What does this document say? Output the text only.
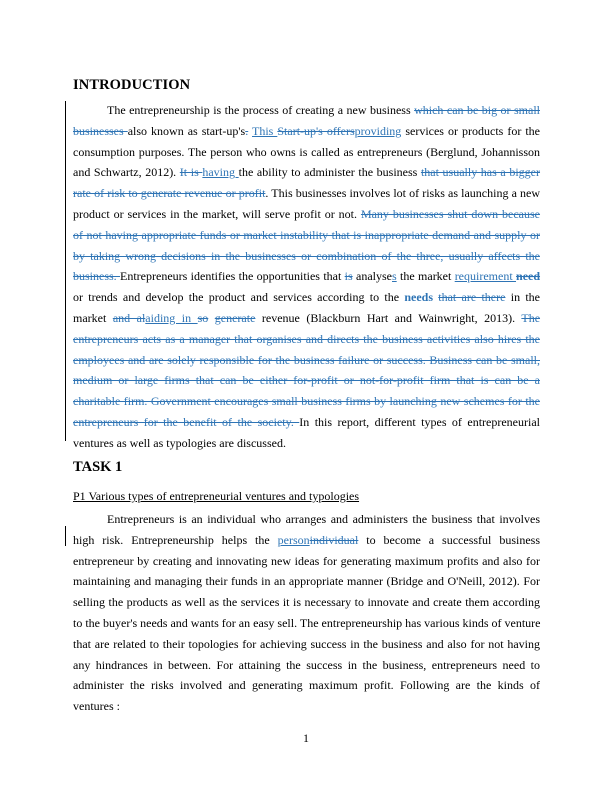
INTRODUCTION
The entrepreneurship is the process of creating a new business which can be big or small
businesses also known as start-up's. This Start-up's offersproviding services or products for the
consumption purposes. The person who owns is called as entrepreneurs (Berglund, Johannisson
and Schwartz, 2012). It is having the ability to administer the business that usually has a bigger
rate of risk to generate revenue or profit. This businesses involves lot of risks as launching a new
product or services in the market, will serve profit or not. Many businesses shut down because
of not having appropriate funds or market instability that is inappropriate demand and supply or
by taking wrong decisions in the businesses or combination of the three, usually affects the
business. Entrepreneurs identifies the opportunities that is analyses the market requirement need
or trends and develop the product and services according to the needs that are there in the
market and alaiding in so generate revenue (Blackburn Hart and Wainwright, 2013). The
entrepreneurs acts as a manager that organises and directs the business activities also hires the
employees and are solely responsible for the business failure or success. Business can be small,
medium or large firms that can be either for-profit or not-for-profit firm that is can be a
charitable firm. Government encourages small business firms by launching new schemes for the
entrepreneurs for the benefit of the society. In this report, different types of entrepreneurial
ventures as well as typologies are discussed.
TASK 1
P1 Various types of entrepreneurial ventures and typologies
Entrepreneurs is an individual who arranges and administers the business that involves
high risk. Entrepreneurship helps the personindividual to become a successful business
entrepreneur by creating and innovating new ideas for generating maximum profits and also for
maintaining and managing their funds in an appropriate manner (Bridge and O'Neill, 2012). For
selling the products as well as the services it is necessary to innovate and create them according
to the buyer's needs and wants for an easy sell. The entrepreneurship has various kinds of venture
that are related to their topologies for achieving success in the business and also for not having
any hindrances in between. For attaining the success in the business, entrepreneurs need to
administer the risks involved and generating maximum profit. Following are the kinds of
ventures :
1
